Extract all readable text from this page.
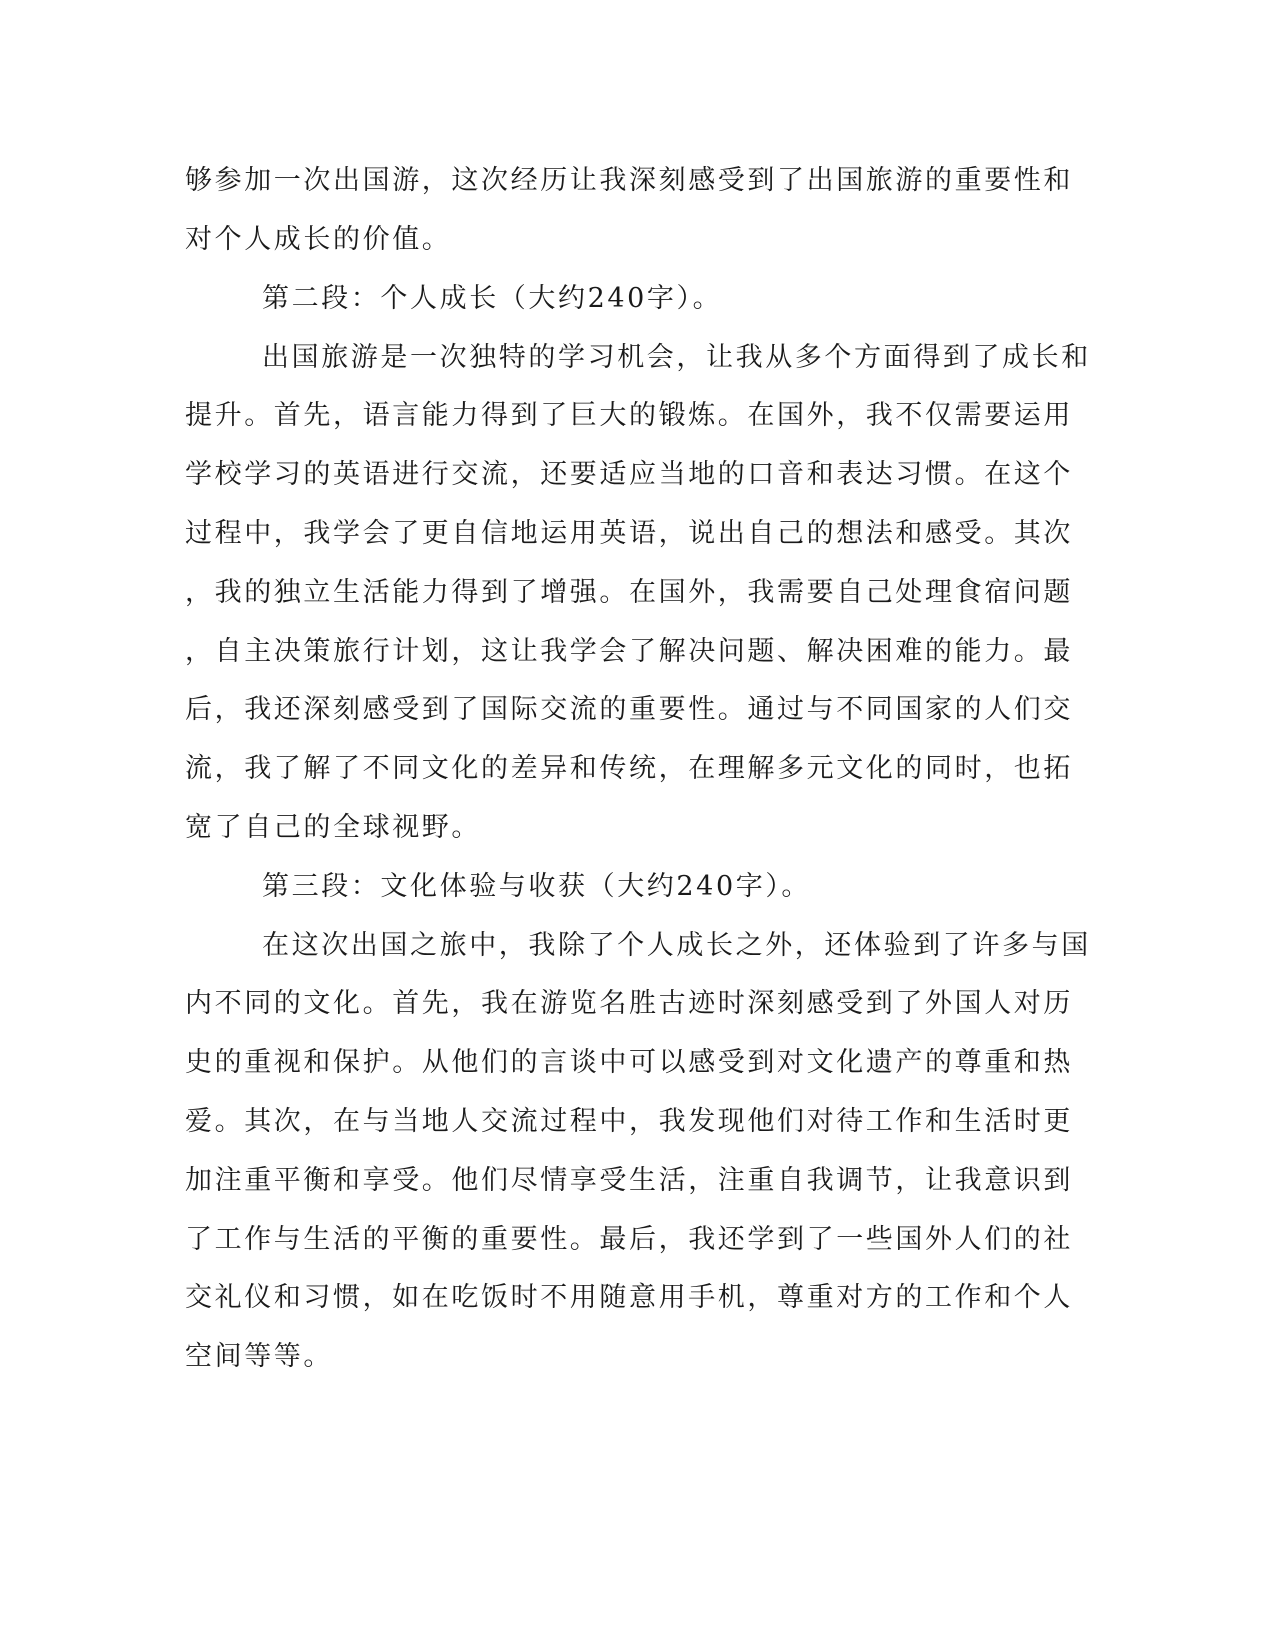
够参加一次出国游，这次经历让我深刻感受到了出国旅游的重要性和

对个人成长的价值。

第二段：个人成长（大约240字）。

出国旅游是一次独特的学习机会，让我从多个方面得到了成长和

提升。首先，语言能力得到了巨大的锻炼。在国外，我不仅需要运用

学校学习的英语进行交流，还要适应当地的口音和表达习惯。在这个

过程中，我学会了更自信地运用英语，说出自己的想法和感受。其次

，我的独立生活能力得到了增强。在国外，我需要自己处理食宿问题

，自主决策旅行计划，这让我学会了解决问题、解决困难的能力。最

后，我还深刻感受到了国际交流的重要性。通过与不同国家的人们交

流，我了解了不同文化的差异和传统，在理解多元文化的同时，也拓

宽了自己的全球视野。

第三段：文化体验与收获（大约240字）。

在这次出国之旅中，我除了个人成长之外，还体验到了许多与国

内不同的文化。首先，我在游览名胜古迹时深刻感受到了外国人对历

史的重视和保护。从他们的言谈中可以感受到对文化遗产的尊重和热

爱。其次，在与当地人交流过程中，我发现他们对待工作和生活时更

加注重平衡和享受。他们尽情享受生活，注重自我调节，让我意识到

了工作与生活的平衡的重要性。最后，我还学到了一些国外人们的社

交礼仪和习惯，如在吃饭时不用随意用手机，尊重对方的工作和个人

空间等等。
